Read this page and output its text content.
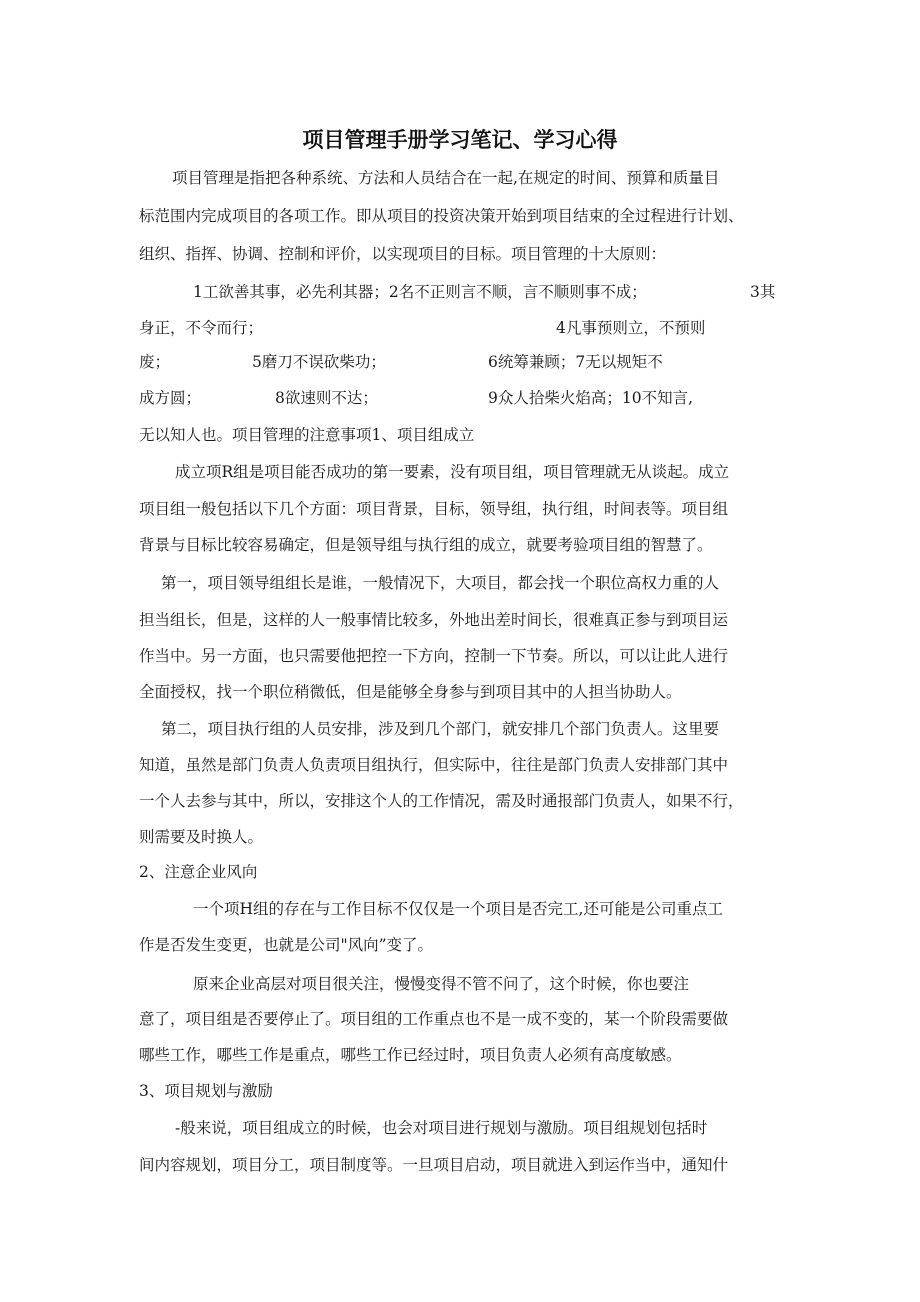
项目管理手册学习笔记、学习心得
项目管理是指把各种系统、方法和人员结合在一起,在规定的时间、预算和质量目
标范围内完成项目的各项工作。即从项目的投资决策开始到项目结束的全过程进行计划、
组织、指挥、协调、控制和评价，以实现项目的目标。项目管理的十大原则：
1工欲善其事，必先利其器；2名不正则言不顺，言不顺则事不成；	3其
身正，不令而行；	4凡事预则立，不预则
废；	5磨刀不误砍柴功；	6统筹兼顾；7无以规矩不
成方圆；	8欲速则不达；	9众人拾柴火焰高；10不知言,
无以知人也。项目管理的注意事项1、项目组成立
成立项R组是项目能否成功的第一要素，没有项目组，项目管理就无从谈起。成立
项目组一般包括以下几个方面：项目背景，目标，领导组，执行组，时间表等。项目组
背景与目标比较容易确定，但是领导组与执行组的成立，就要考验项目组的智慧了。
第一，项目领导组组长是谁，一般情况下，大项目，都会找一个职位高权力重的人
担当组长，但是，这样的人一般事情比较多，外地出差时间长，很难真正参与到项目运
作当中。另一方面，也只需要他把控一下方向，控制一下节奏。所以，可以让此人进行
全面授权，找一个职位稍微低，但是能够全身参与到项目其中的人担当协助人。
第二，项目执行组的人员安排，涉及到几个部门，就安排几个部门负责人。这里要
知道，虽然是部门负责人负责项目组执行，但实际中，往往是部门负责人安排部门其中
一个人去参与其中，所以，安排这个人的工作情况，需及时通报部门负责人，如果不行，
则需要及时换人。
2、注意企业风向
一个项H组的存在与工作目标不仅仅是一个项目是否完工,还可能是公司重点工
作是否发生变更，也就是公司"风向”变了。
原来企业高层对项目很关注，慢慢变得不管不问了，这个时候，你也要注
意了，项目组是否要停止了。项目组的工作重点也不是一成不变的，某一个阶段需要做
哪些工作，哪些工作是重点，哪些工作已经过时，项目负责人必须有高度敏感。
3、项目规划与激励
-般来说，项目组成立的时候，也会对项目进行规划与激励。项目组规划包括时
间内容规划，项目分工，项目制度等。一旦项目启动，项目就进入到运作当中，通知什
